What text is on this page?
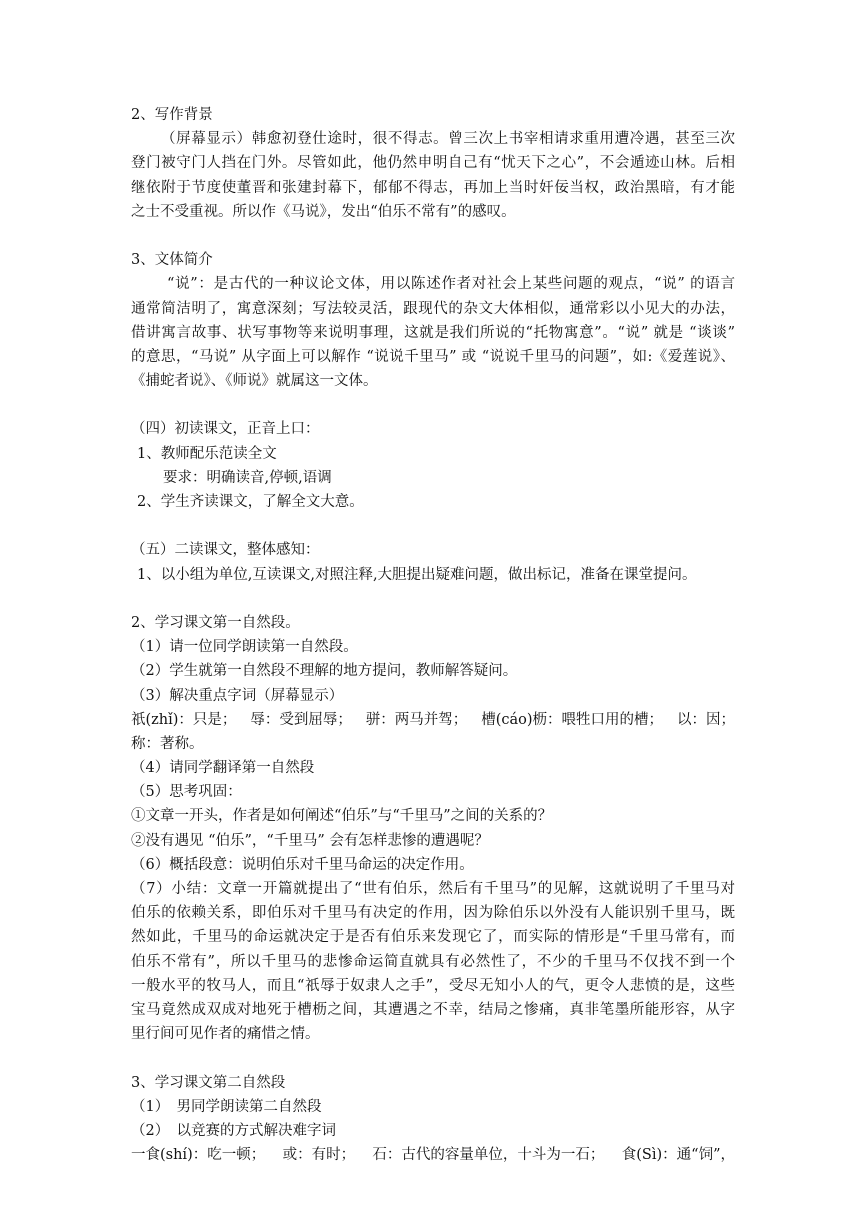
2、写作背景
（屏幕显示）韩愈初登仕途时，很不得志。曾三次上书宰相请求重用遭冷遇，甚至三次
登门被守门人挡在门外。尽管如此，他仍然申明自己有“忧天下之心”，不会遁迹山林。后相
继依附于节度使董晋和张建封幕下，郁郁不得志，再加上当时奸佞当权，政治黑暗，有才能
之士不受重视。所以作《马说》，发出“伯乐不常有”的感叹。
3、文体简介
“说”：是古代的一种议论文体，用以陈述作者对社会上某些问题的观点，“说” 的语言
通常简洁明了，寓意深刻；写法较灵活，跟现代的杂文大体相似，通常彩以小见大的办法，
借讲寓言故事、状写事物等来说明事理，这就是我们所说的“托物寓意”。“说” 就是 “谈谈”
的意思，“马说” 从字面上可以解作 “说说千里马” 或 “说说千里马的问题”，如:《爱莲说》、
《捕蛇者说》、《师说》就属这一文体。
（四）初读课文，正音上口：
1、教师配乐范读全文
要求：明确读音,停顿,语调
2、学生齐读课文，了解全文大意。
（五）二读课文，整体感知：
1、以小组为单位,互读课文,对照注释,大胆提出疑难问题，做出标记，准备在课堂提问。
2、学习课文第一自然段。
（1）请一位同学朗读第一自然段。
（2）学生就第一自然段不理解的地方提问，教师解答疑问。
（3）解决重点字词（屏幕显示）
祇(zhǐ)：只是； 辱：受到屈辱； 骈：两马并驾； 槽(cáo)枥：喂牲口用的槽； 以：因；
称：著称。
（4）请同学翻译第一自然段
（5）思考巩固：
①文章一开头，作者是如何阐述“伯乐”与“千里马”之间的关系的？
②没有遇见 “伯乐”，“千里马” 会有怎样悲惨的遭遇呢？
（6）概括段意：说明伯乐对千里马命运的决定作用。
（7）小结：文章一开篇就提出了“世有伯乐，然后有千里马”的见解，这就说明了千里马对
伯乐的依赖关系，即伯乐对千里马有决定的作用，因为除伯乐以外没有人能识别千里马，既
然如此，千里马的命运就决定于是否有伯乐来发现它了，而实际的情形是“千里马常有，而
伯乐不常有”，所以千里马的悲惨命运简直就具有必然性了，不少的千里马不仅找不到一个
一般水平的牧马人，而且“祇辱于奴隶人之手”，受尽无知小人的气，更令人悲愤的是，这些
宝马竟然成双成对地死于槽枥之间，其遭遇之不幸，结局之惨痛，真非笔墨所能形容，从字
里行间可见作者的痛惜之情。
3、学习课文第二自然段
（1）　男同学朗读第二自然段
（2）　以竞赛的方式解决难字词
一食(shí)：吃一顿； 或：有时； 石：古代的容量单位，十斗为一石； 食(Sì)：通“饲”，
